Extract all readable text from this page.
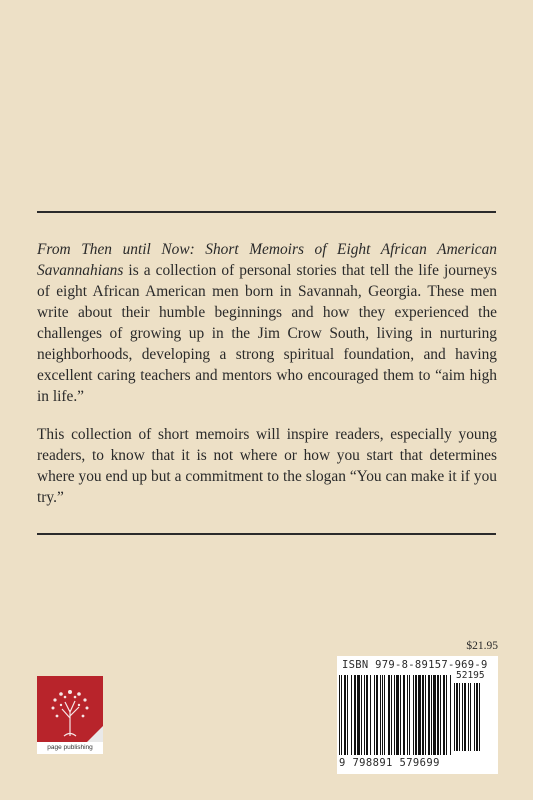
From Then until Now: Short Memoirs of Eight African American Savannahians is a collection of personal stories that tell the life journeys of eight African American men born in Savannah, Georgia. These men write about their humble beginnings and how they experienced the challenges of growing up in the Jim Crow South, living in nurturing neighborhoods, developing a strong spiritual foundation, and having excellent caring teachers and mentors who encouraged them to “aim high in life.”

This collection of short memoirs will inspire readers, especially young readers, to know that it is not where or how you start that determines where you end up but a commitment to the slogan “You can make it if you try.”

page publishing
$21.95
ISBN 979-8-89157-969-9
52195
9 798891 579699
